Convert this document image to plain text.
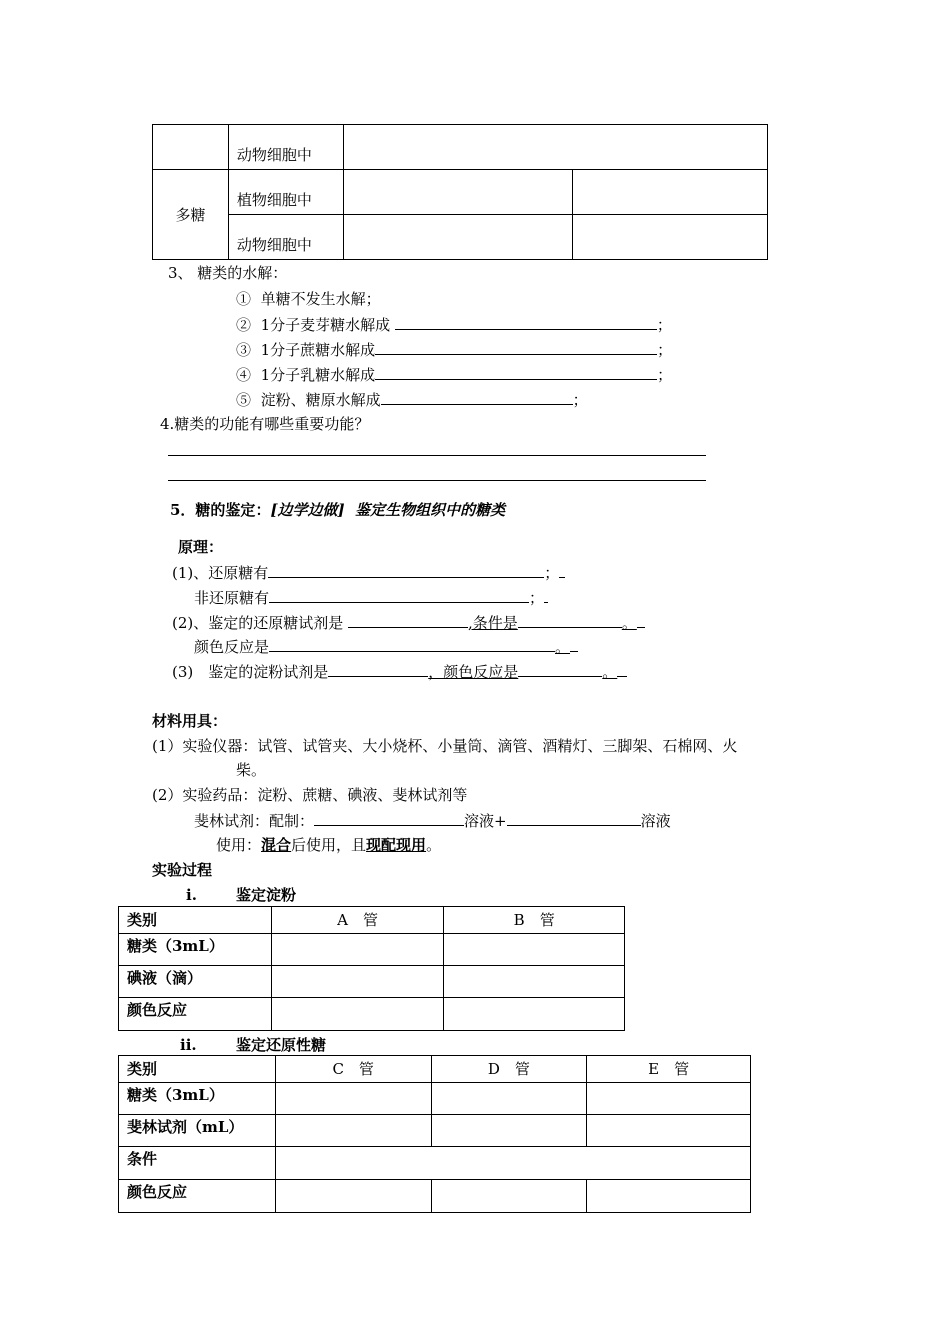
	动物细胞中		
多糖	植物细胞中		
	动物细胞中		
3、 糖类的水解：
① 单糖不发生水解；
② 1分子麦芽糖水解成	；
③ 1分子蔗糖水解成	；
④ 1分子乳糖水解成	；
⑤ 淀粉、糖原水解成	；
4.糖类的功能有哪些重要功能？
5．糖的鉴定：[边学边做] 鉴定生物组织中的糖类
原理：
(1)、还原糖有	；
非还原糖有	；
(2)、鉴定的还原糖试剂是	,条件是	。
颜色反应是	。
(3)　鉴定的淀粉试剂是	，颜色反应是	。
材料用具：
(1）实验仪器：试管、试管夹、大小烧杯、小量筒、滴管、酒精灯、三脚架、石棉网、火
柴。
(2）实验药品：淀粉、蔗糖、碘液、斐林试剂等
斐林试剂：配制：	溶液+	溶液
使用：混合后使用，且现配现用。
实验过程
i.	鉴定淀粉
类别	A　管	B　管
糖类（3mL）		
碘液（滴）		
颜色反应		
ii.	鉴定还原性糖
类别	C　管	D　管	E　管
糖类（3mL）			
斐林试剂（mL）			
条件			
颜色反应			
